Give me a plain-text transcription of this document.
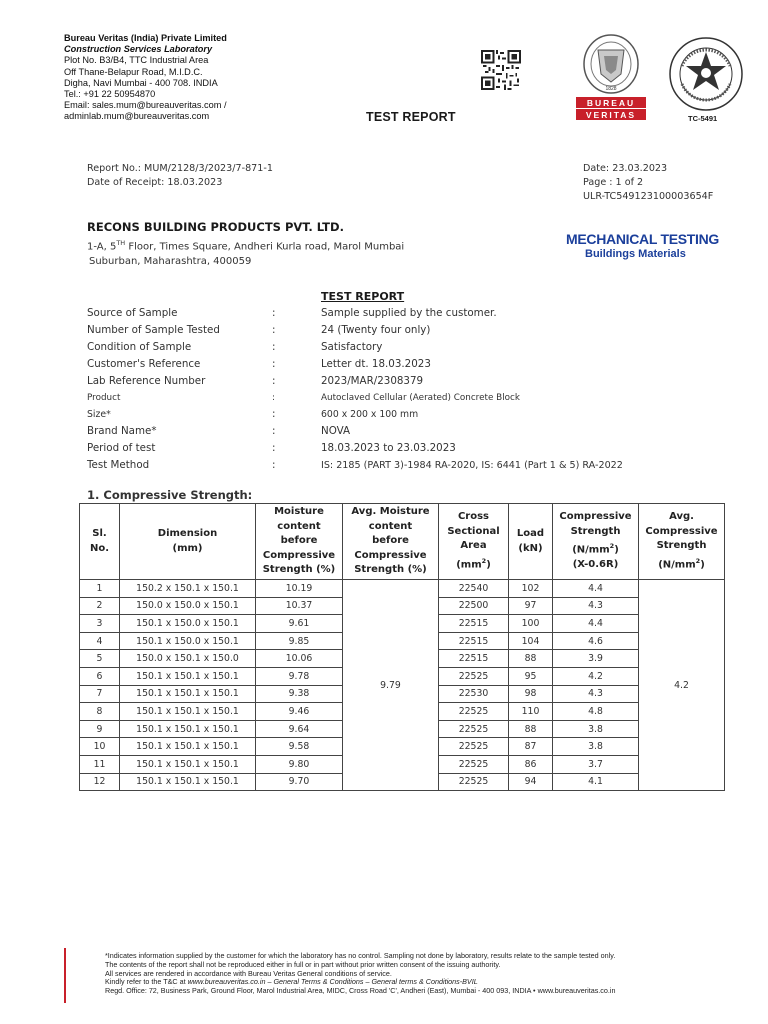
Bureau Veritas (India) Private Limited
Construction Services Laboratory
Plot No. B3/B4, TTC Industrial Area
Off Thane-Belapur Road, M.I.D.C.
Digha, Navi Mumbai - 400 708. INDIA
Tel.: +91 22 50954870
Email: sales.mum@bureauveritas.com /
adminlab.mum@bureauveritas.com	TEST REPORT
1828
BUREAU
VERITAS	TC-5491
Report No.: MUM/2128/3/2023/7-871-1
Date of Receipt: 18.03.2023
Date: 23.03.2023
Page : 1 of 2
ULR-TC549123100003654F
RECONS BUILDING PRODUCTS PVT. LTD.
1-A, 5TH Floor, Times Square, Andheri Kurla road, Marol Mumbai
Suburban, Maharashtra, 400059
MECHANICAL TESTING
Buildings Materials
TEST REPORT
Source of Sample	:	Sample supplied by the customer.
Number of Sample Tested	:	24 (Twenty four only)
Condition of Sample	:	Satisfactory
Customer's Reference	:	Letter dt. 18.03.2023
Lab Reference Number	:	2023/MAR/2308379
Product	:	Autoclaved Cellular (Aerated) Concrete Block
Size*	:	600 x 200 x 100 mm
Brand Name*	:	NOVA
Period of test	:	18.03.2023 to 23.03.2023
Test Method	:	IS: 2185 (PART 3)-1984 RA-2020, IS: 6441 (Part 1 & 5) RA-2022
1. Compressive Strength:
Sl.
No.	Dimension
(mm)	Moisture
content
before
Compressive
Strength (%)	Avg. Moisture
content
before
Compressive
Strength (%)	Cross
Sectional
Area
$(mm^2)$	Load
(kN)	Compressive
Strength
$(N/mm^2)$
(X-0.6R)	Avg.
Compressive
Strength
$(N/mm^2)$
1	150.2 x 150.1 x 150.1	10.19	9.79	22540	102	4.4	4.2
2	150.0 x 150.0 x 150.1	10.37		22500	97	4.3	
3	150.1 x 150.0 x 150.1	9.61		22515	100	4.4	
4	150.1 x 150.0 x 150.1	9.85		22515	104	4.6	
5	150.0 x 150.1 x 150.0	10.06		22515	88	3.9	
6	150.1 x 150.1 x 150.1	9.78		22525	95	4.2	
7	150.1 x 150.1 x 150.1	9.38		22530	98	4.3	
8	150.1 x 150.1 x 150.1	9.46		22525	110	4.8	
9	150.1 x 150.1 x 150.1	9.64		22525	88	3.8	
10	150.1 x 150.1 x 150.1	9.58		22525	87	3.8	
11	150.1 x 150.1 x 150.1	9.80		22525	86	3.7	
12	150.1 x 150.1 x 150.1	9.70		22525	94	4.1	
*Indicates information supplied by the customer for which the laboratory has no control. Sampling not done by laboratory, results relate to the sample tested only.
The contents of the report shall not be reproduced either in full or in part without prior written consent of the issuing authority.
All services are rendered in accordance with Bureau Veritas General conditions of service.
Kindly refer to the T&C at www.bureauveritas.co.in – General Terms & Conditions – General terms & Conditions-BVIL
Regd. Office: 72, Business Park, Ground Floor, Marol Industrial Area, MIDC, Cross Road 'C', Andheri (East), Mumbai - 400 093, INDIA • www.bureauveritas.co.in
